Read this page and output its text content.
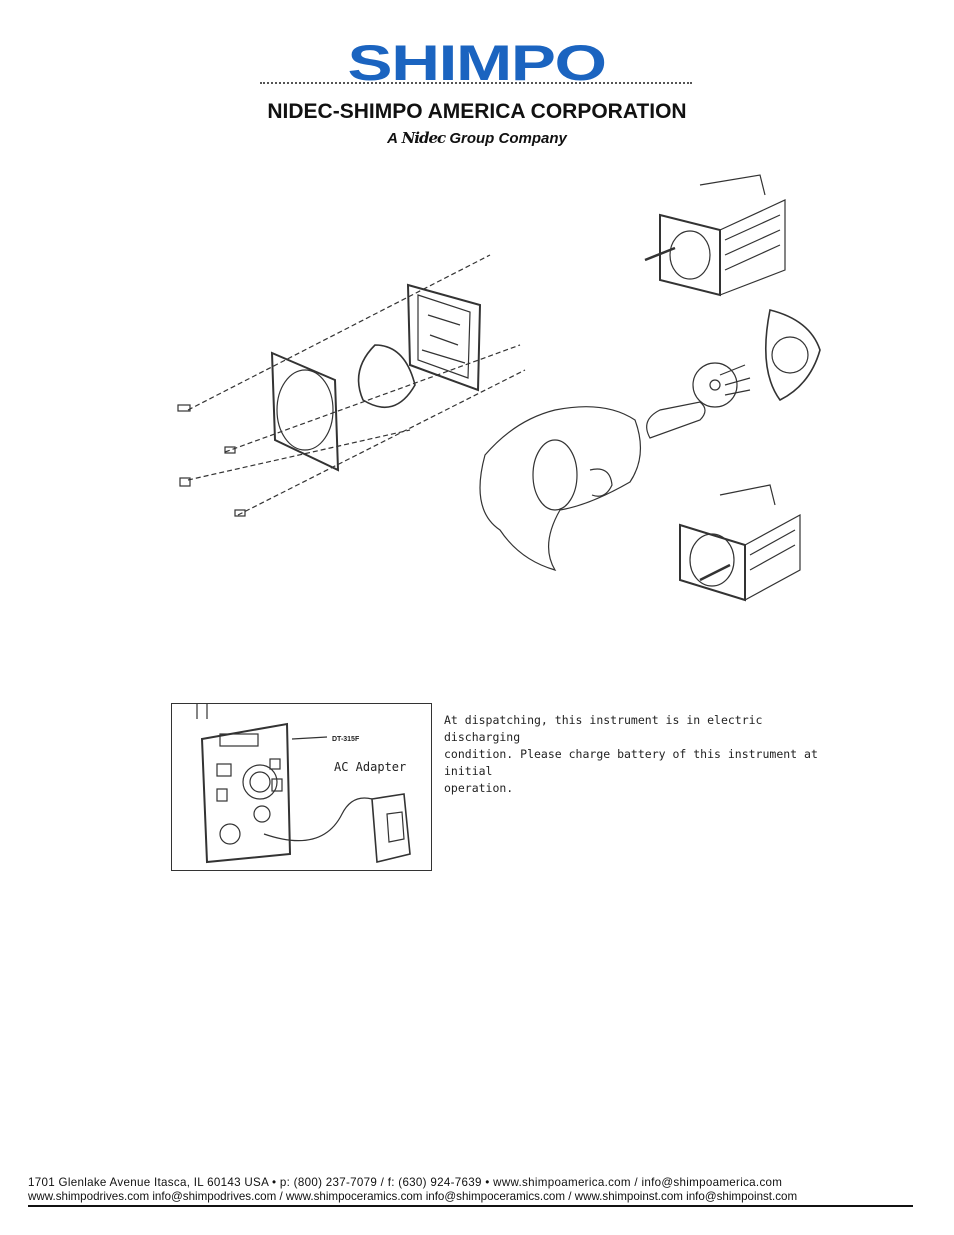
SHIMPO
NIDEC-SHIMPO AMERICA CORPORATION
A Nidec Group Company
DT-315F
AC Adapter

At dispatching, this instrument is in electric discharging

condition. Please charge battery of this instrument at initial

operation.

1701 Glenlake Avenue Itasca, IL 60143 USA • p: (800) 237-7079 / f: (630) 924-7639 • www.shimpoamerica.com / info@shimpoamerica.com
www.shimpodrives.com info@shimpodrives.com / www.shimpoceramics.com info@shimpoceramics.com / www.shimpoinst.com info@shimpoinst.com
